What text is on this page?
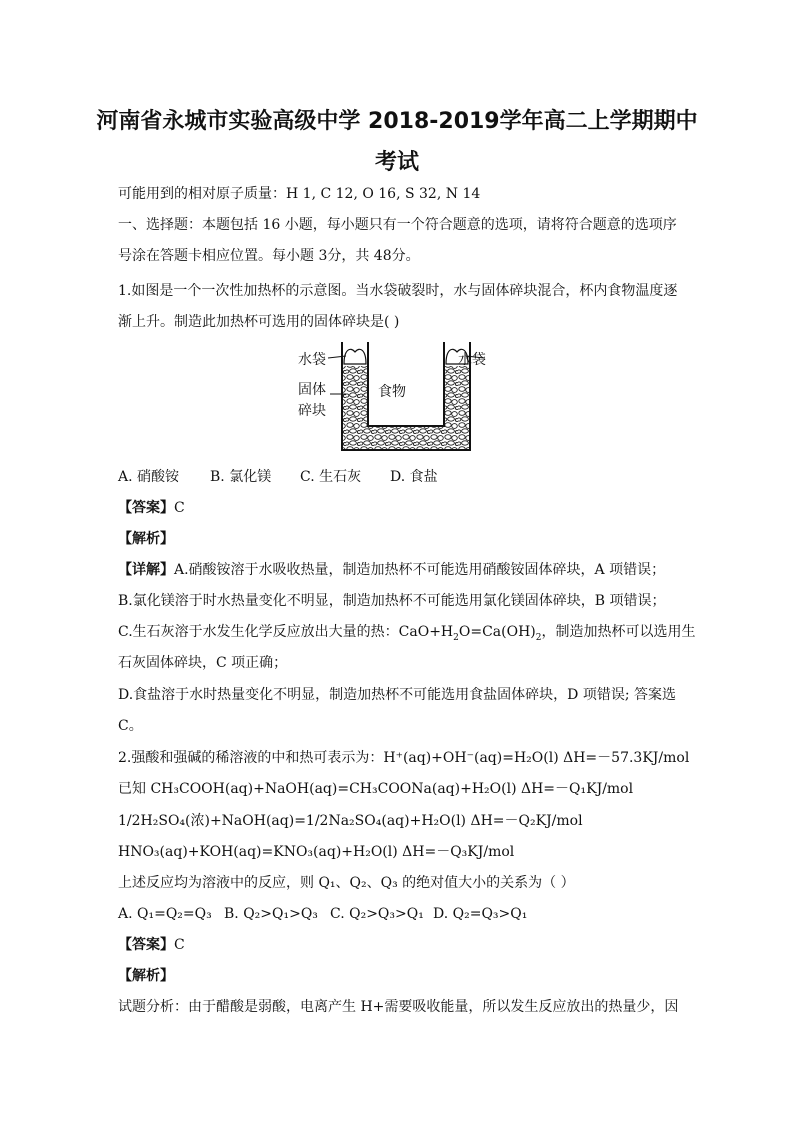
河南省永城市实验高级中学 2018-2019学年高二上学期期中
考试
可能用到的相对原子质量：H 1, C 12, O 16, S 32, N 14
一、选择题：本题包括 16 小题，每小题只有一个符合题意的选项，请将符合题意的选项序
号涂在答题卡相应位置。每小题 3分，共 48分。
1.如图是一个一次性加热杯的示意图。当水袋破裂时，水与固体碎块混合，杯内食物温度逐
渐上升。制造此加热杯可选用的固体碎块是( )
水袋	水袋
固体
碎块
食物
A. 硝酸铵 B. 氯化镁 C. 生石灰 D. 食盐
【答案】C
【解析】
【详解】A.硝酸铵溶于水吸收热量，制造加热杯不可能选用硝酸铵固体碎块，A 项错误；
B.氯化镁溶于时水热量变化不明显，制造加热杯不可能选用氯化镁固体碎块，B 项错误；
C.生石灰溶于水发生化学反应放出大量的热：$CaO+H_2O=Ca(OH)_2$，制造加热杯可以选用生
石灰固体碎块，C 项正确；
D.食盐溶于水时热量变化不明显，制造加热杯不可能选用食盐固体碎块，D 项错误; 答案选
C。
2.强酸和强碱的稀溶液的中和热可表示为：H⁺(aq)+OH⁻(aq)=H₂O(l) ΔH=－57.3KJ/mol
已知 CH₃COOH(aq)+NaOH(aq)=CH₃COONa(aq)+H₂O(l) ΔH=－Q₁KJ/mol
1/2H₂SO₄(浓)+NaOH(aq)=1/2Na₂SO₄(aq)+H₂O(l) ΔH=－Q₂KJ/mol
HNO₃(aq)+KOH(aq)=KNO₃(aq)+H₂O(l) ΔH=－Q₃KJ/mol
上述反应均为溶液中的反应，则 Q₁、Q₂、Q₃ 的绝对值大小的关系为（ ）
A. Q₁=Q₂=Q₃ B. Q₂>Q₁>Q₃ C. Q₂>Q₃>Q₁ D. Q₂=Q₃>Q₁
【答案】C
【解析】
试题分析：由于醋酸是弱酸，电离产生 H+需要吸收能量，所以发生反应放出的热量少，因
